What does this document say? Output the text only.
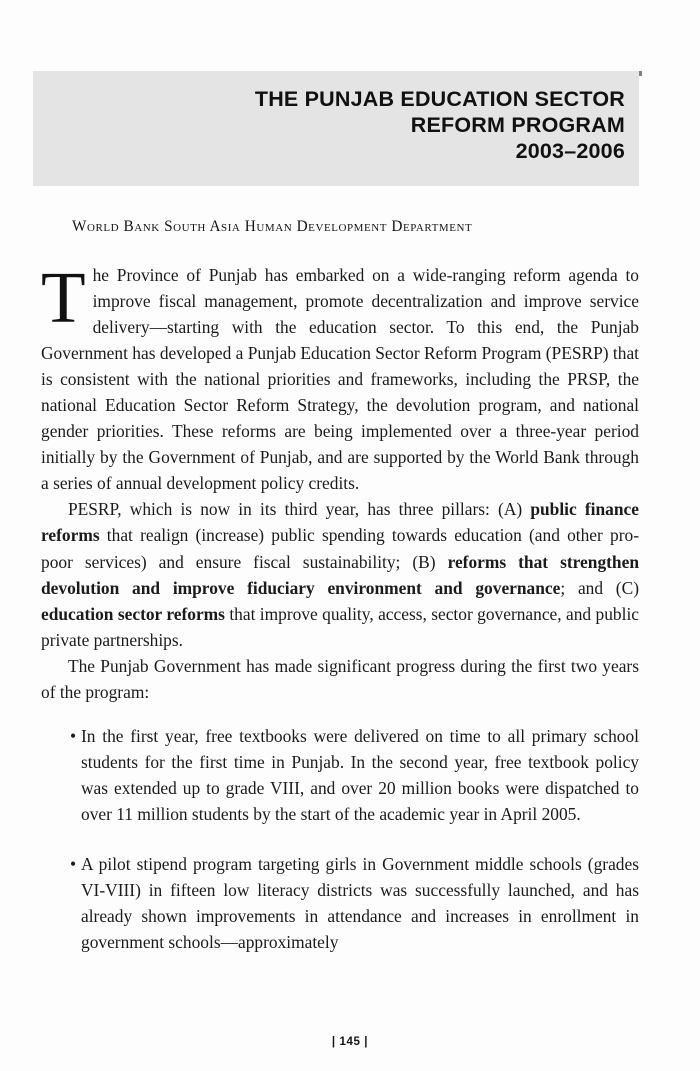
THE PUNJAB EDUCATION SECTOR
REFORM PROGRAM
2003–2006
World Bank South Asia Human Development Department

The Province of Punjab has embarked on a wide-ranging reform agenda to improve fiscal management, promote decentralization and improve service delivery—starting with the education sector. To this end, the Punjab Government has developed a Punjab Education Sector Reform Program (PESRP) that is consistent with the national priorities and frameworks, including the PRSP, the national Education Sector Reform Strategy, the devolution program, and national gender priorities. These reforms are being implemented over a three-year period initially by the Government of Punjab, and are supported by the World Bank through a series of annual development policy credits.

PESRP, which is now in its third year, has three pillars: (A) public finance reforms that realign (increase) public spending towards education (and other pro-poor services) and ensure fiscal sustainability; (B) reforms that strengthen devolution and improve fiduciary environment and governance; and (C) education sector reforms that improve quality, access, sector governance, and public private partnerships.

The Punjab Government has made significant progress during the first two years of the program:

• In the first year, free textbooks were delivered on time to all primary school students for the first time in Punjab. In the second year, free textbook policy was extended up to grade VIII, and over 20 million books were dispatched to over 11 million students by the start of the academic year in April 2005.
• A pilot stipend program targeting girls in Government middle schools (grades VI-VIII) in fifteen low literacy districts was successfully launched, and has already shown improvements in attendance and increases in enrollment in government schools—approximately
| 145 |
